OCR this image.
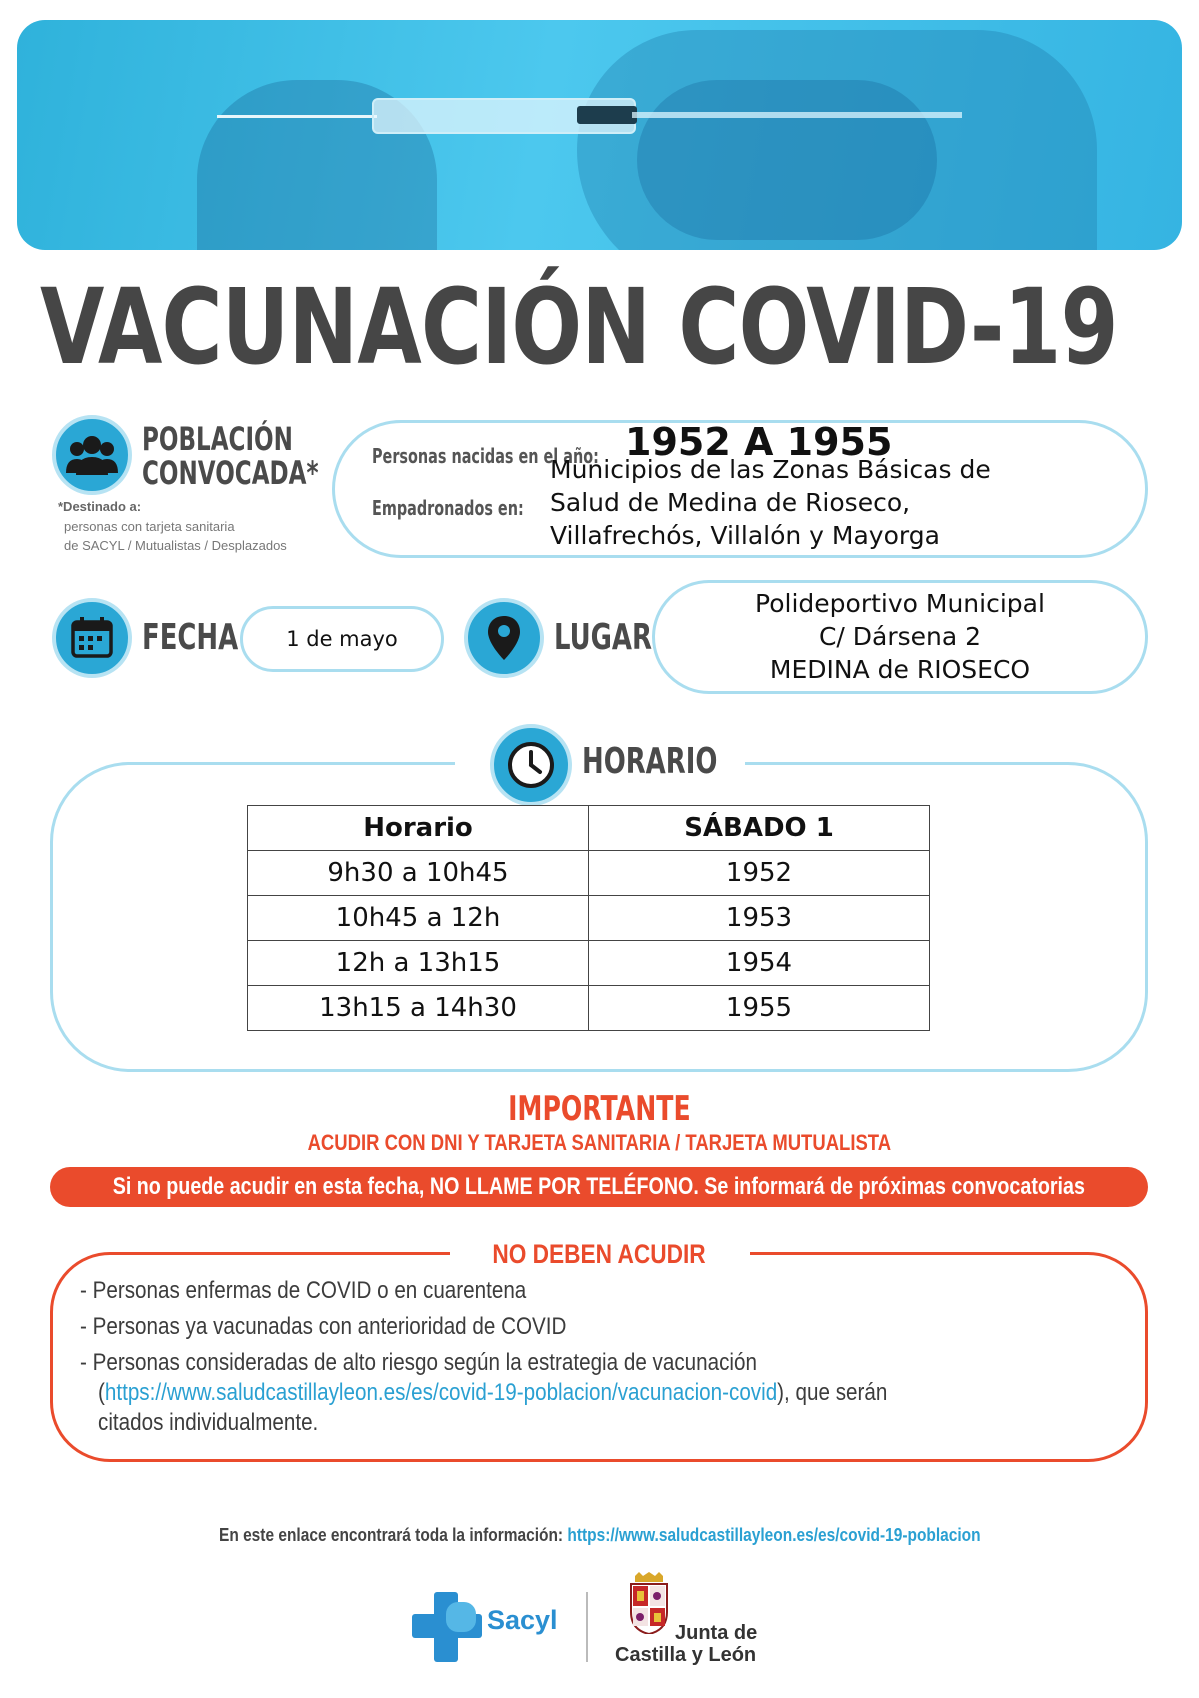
VACUNACIÓN COVID-19
POBLACIÓN
CONVOCADA*
*Destinado a:
personas con tarjeta sanitaria
de SACYL / Mutualistas / Desplazados
Personas nacidas en el año: 1952 A 1955
Empadronados en:
Municipios de las Zonas Básicas de
Salud de Medina de Rioseco,
Villafrechós, Villalón y Mayorga
FECHA 1 de mayo	LUGAR
Polideportivo Municipal
C/ Dársena 2
MEDINA de RIOSECO
HORARIO
Horario	SÁBADO 1
9h30 a 10h45	1952
10h45 a 12h	1953
12h a 13h15	1954
13h15 a 14h30	1955
IMPORTANTE
ACUDIR CON DNI Y TARJETA SANITARIA / TARJETA MUTUALISTA
Si no puede acudir en esta fecha, NO LLAME POR TELÉFONO. Se informará de próximas convocatorias
NO DEBEN ACUDIR
- Personas enfermas de COVID o en cuarentena
- Personas ya vacunadas con anterioridad de COVID
- Personas consideradas de alto riesgo según la estrategia de vacunación
(https://www.saludcastillayleon.es/es/covid-19-poblacion/vacunacion-covid), que serán
citados individualmente.
En este enlace encontrará toda la información: https://www.saludcastillayleon.es/es/covid-19-poblacion
Sacyl	Junta de
Castilla y León
